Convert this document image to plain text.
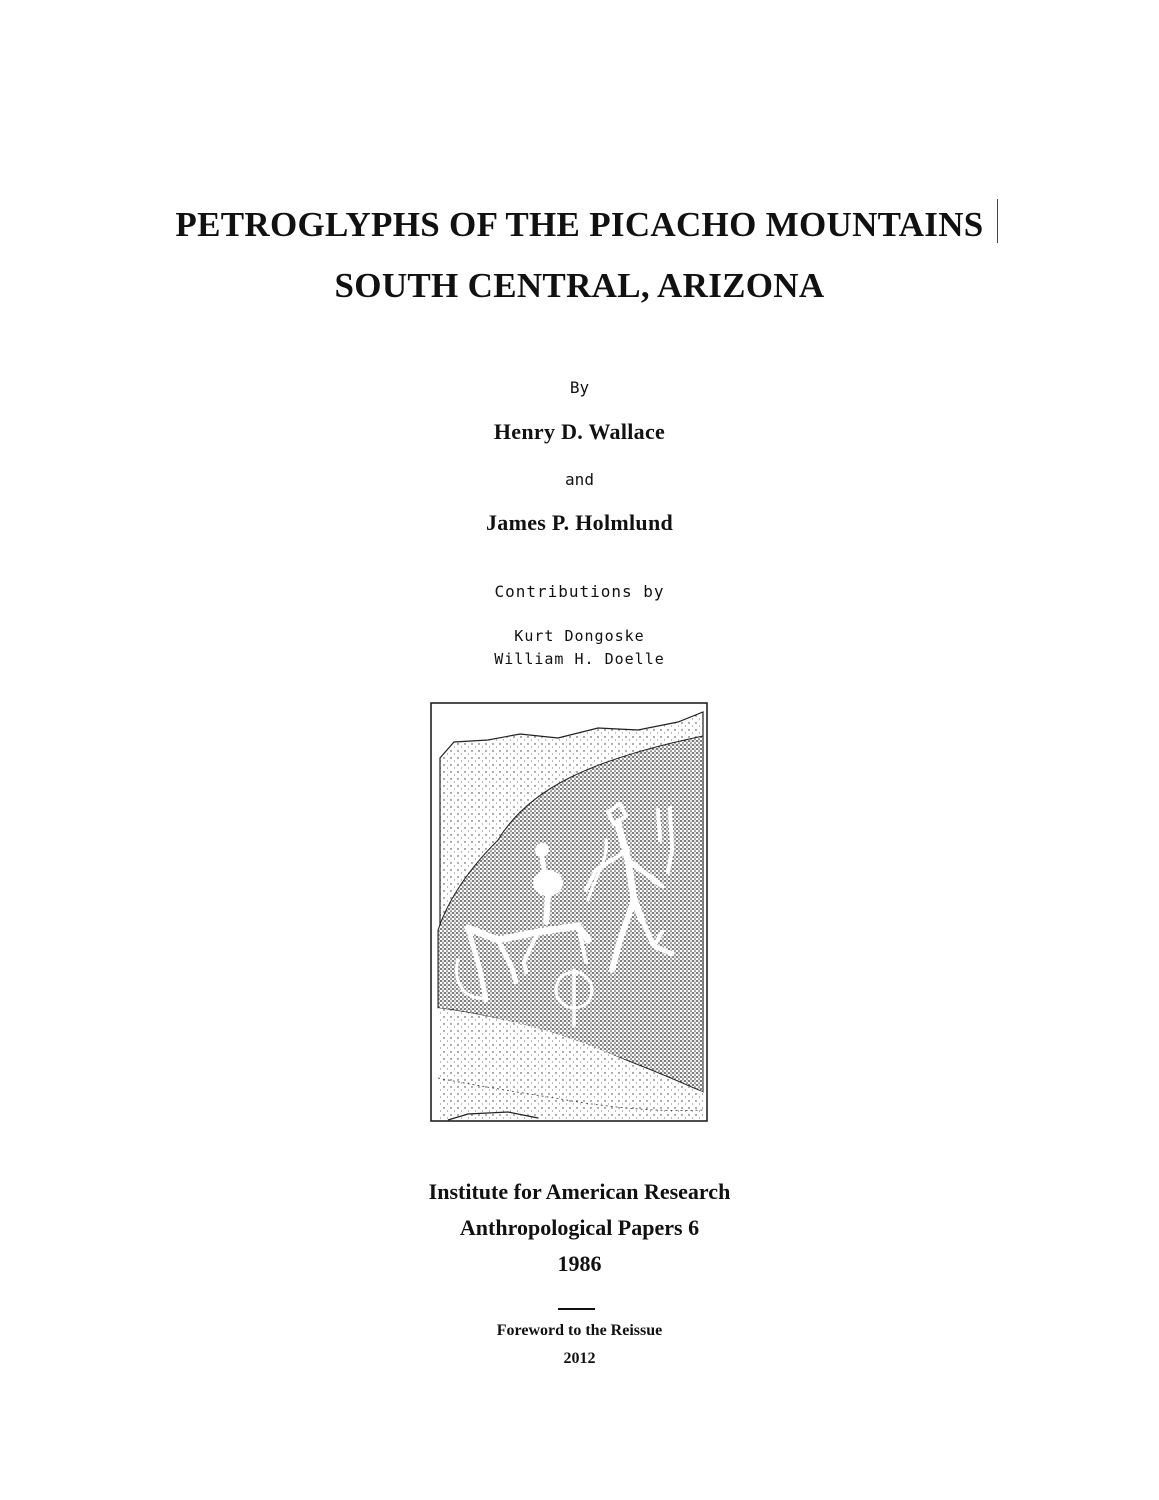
PETROGLYPHS OF THE PICACHO MOUNTAINS
SOUTH CENTRAL, ARIZONA
By
Henry D. Wallace
and
James P. Holmlund
Contributions by
Kurt Dongoske
William H. Doelle
Institute for American Research
Anthropological Papers 6
1986
Foreword to the Reissue
2012
